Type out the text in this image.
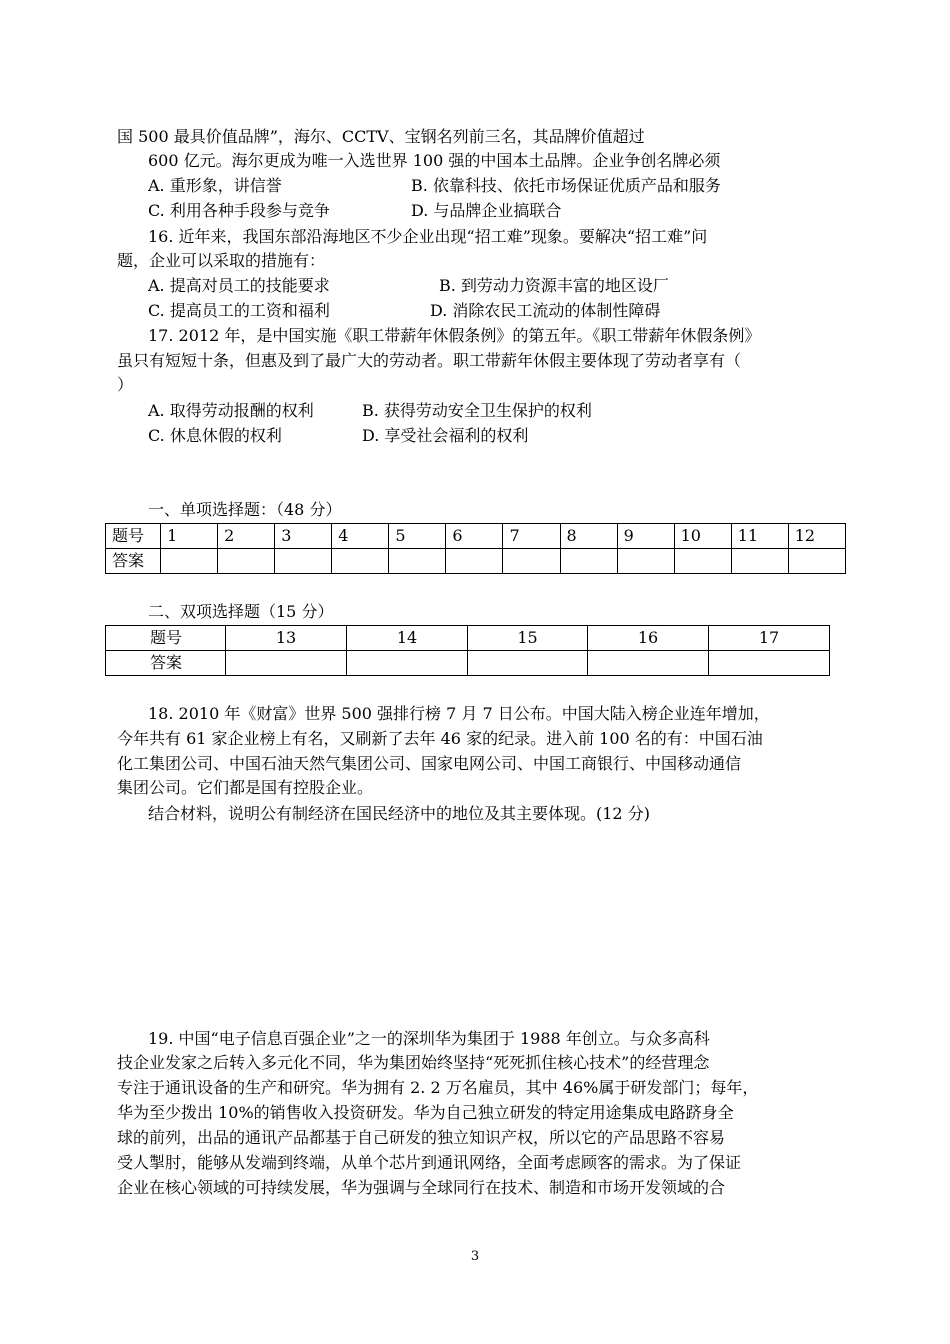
国 500 最具价值品牌”，海尔、CCTV、宝钢名列前三名，其品牌价值超过
600 亿元。海尔更成为唯一入选世界 100 强的中国本土品牌。企业争创名牌必须
A. 重形象，讲信誉	B. 依靠科技、依托市场保证优质产品和服务
C. 利用各种手段参与竞争	D. 与品牌企业搞联合
16. 近年来，我国东部沿海地区不少企业出现“招工难”现象。要解决“招工难”问
题，企业可以采取的措施有：
A. 提高对员工的技能要求	B. 到劳动力资源丰富的地区设厂
C. 提高员工的工资和福利	D. 消除农民工流动的体制性障碍
17. 2012 年，是中国实施《职工带薪年休假条例》的第五年。《职工带薪年休假条例》
虽只有短短十条，但惠及到了最广大的劳动者。职工带薪年休假主要体现了劳动者享有（
）
A. 取得劳动报酬的权利	B. 获得劳动安全卫生保护的权利
C. 休息休假的权利	D. 享受社会福利的权利
一、单项选择题：（48 分）
题号	1	2	3	4	5	6	7	8	9	10	11	12
答案												
二、双项选择题（15 分）
题号	13	14	15	16	17
答案					
18. 2010 年《财富》世界 500 强排行榜 7 月 7 日公布。中国大陆入榜企业连年增加，
今年共有 61 家企业榜上有名，又刷新了去年 46 家的纪录。进入前 100 名的有：中国石油
化工集团公司、中国石油天然气集团公司、国家电网公司、中国工商银行、中国移动通信
集团公司。它们都是国有控股企业。
结合材料，说明公有制经济在国民经济中的地位及其主要体现。(12 分)
19. 中国“电子信息百强企业”之一的深圳华为集团于 1988 年创立。与众多高科
技企业发家之后转入多元化不同，华为集团始终坚持“死死抓住核心技术”的经营理念
专注于通讯设备的生产和研究。华为拥有 2. 2 万名雇员，其中 46%属于研发部门；每年，
华为至少拨出 10%的销售收入投资研发。华为自己独立研发的特定用途集成电路跻身全
球的前列，出品的通讯产品都基于自己研发的独立知识产权，所以它的产品思路不容易
受人掣肘，能够从发端到终端，从单个芯片到通讯网络，全面考虑顾客的需求。为了保证
企业在核心领域的可持续发展，华为强调与全球同行在技术、制造和市场开发领域的合
3
